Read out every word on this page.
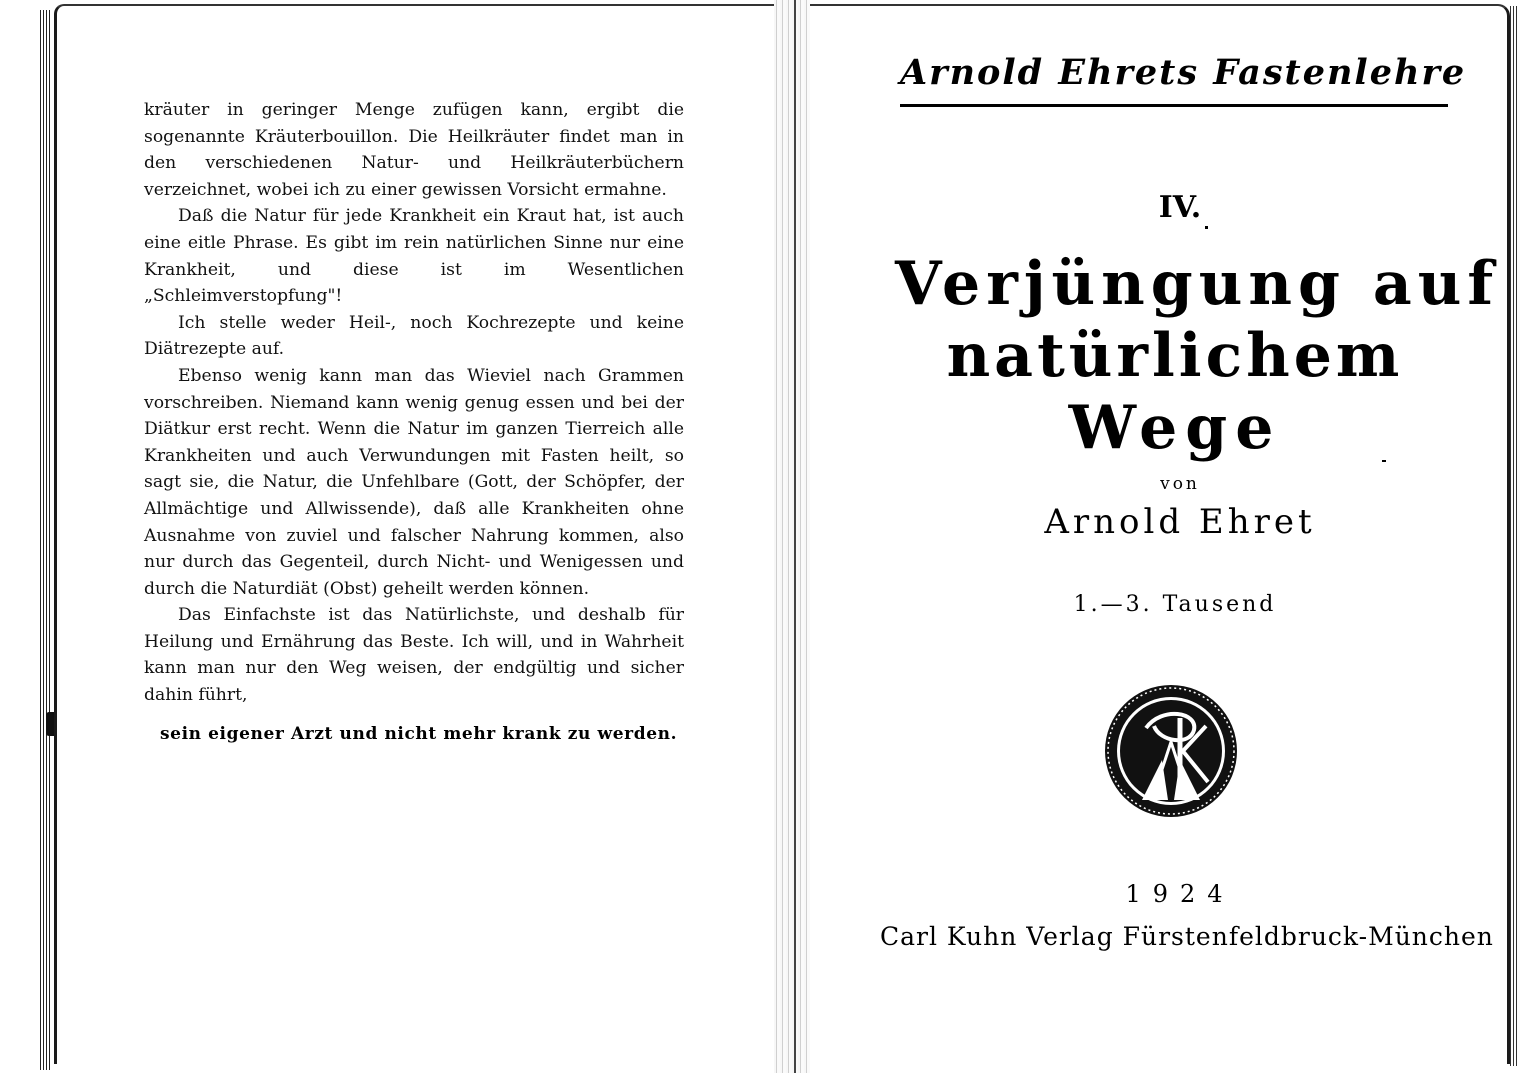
kräuter in geringer Menge zufügen kann, ergibt die sogenannte Kräuterbouillon. Die Heilkräuter findet man in den verschiedenen Natur- und Heilkräuterbüchern verzeichnet, wobei ich zu einer gewissen Vorsicht ermahne.

Daß die Natur für jede Krankheit ein Kraut hat, ist auch eine eitle Phrase. Es gibt im rein natürlichen Sinne nur eine Krankheit, und diese ist im Wesentlichen „Schleimverstopfung"!

Ich stelle weder Heil-, noch Kochrezepte und keine Diätrezepte auf.

Ebenso wenig kann man das Wieviel nach Grammen vorschreiben. Niemand kann wenig genug essen und bei der Diätkur erst recht. Wenn die Natur im ganzen Tierreich alle Krankheiten und auch Verwundungen mit Fasten heilt, so sagt sie, die Natur, die Unfehlbare (Gott, der Schöpfer, der Allmächtige und Allwissende), daß alle Krankheiten ohne Ausnahme von zuviel und falscher Nahrung kommen, also nur durch das Gegenteil, durch Nicht- und Wenigessen und durch die Naturdiät (Obst) geheilt werden können.

Das Einfachste ist das Natürlichste, und deshalb für Heilung und Ernährung das Beste. Ich will, und in Wahrheit kann man nur den Weg weisen, der endgültig und sicher dahin führt,

sein eigener Arzt und nicht mehr krank zu werden.
Arnold Ehrets Fastenlehre
IV.
Verjüngung auf
natürlichem
Wege
von
Arnold Ehret
1.—3. Tausend
1924
Carl Kuhn Verlag Fürstenfeldbruck-München
